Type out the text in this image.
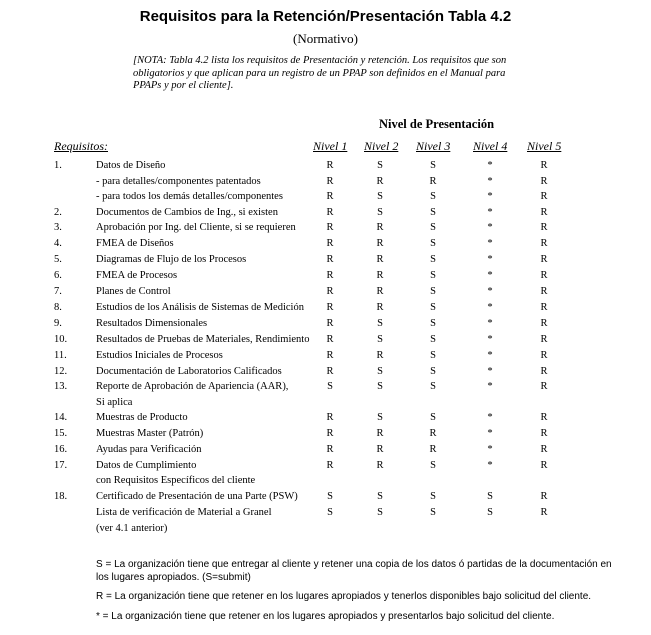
Requisitos para la Retención/Presentación Tabla 4.2
(Normativo)
[NOTA: Tabla 4.2 lista los requisitos de Presentación y retención. Los requisitos que son obligatorios y que aplican para un registro de un PPAP son definidos en el Manual para PPAPs y por el cliente].
Nivel de Presentación
Requisitos:	Nivel 1 Nivel 2 Nivel 3 Nivel 4 Nivel 5
1.	Datos de Diseño	R	S	S	*	R
- para detalles/componentes patentados	R	R	R	*	R
- para todos los demás detalles/componentes	R	S	S	*	R
2.	Documentos de Cambios de Ing., si existen	R	S	S	*	R
3.	Aprobación por Ing. del Cliente, si se requieren	R	R	S	*	R
4.	FMEA de Diseños	R	R	S	*	R
5.	Diagramas de Flujo de los Procesos	R	R	S	*	R
6.	FMEA de Procesos	R	R	S	*	R
7.	Planes de Control	R	R	S	*	R
8.	Estudios de los Análisis de Sistemas de Medición	R	R	S	*	R
9.	Resultados Dimensionales	R	S	S	*	R
10.	Resultados de Pruebas de Materiales, Rendimiento	R	S	S	*	R
11.	Estudios Iniciales de Procesos	R	R	S	*	R
12.	Documentación de Laboratorios Calificados	R	S	S	*	R
13.	Reporte de Aprobación de Apariencia (AAR),	S	S	S	*	R
Si aplica
14.	Muestras de Producto	R	S	S	*	R
15.	Muestras Master (Patrón)	R	R	R	*	R
16.	Ayudas para Verificación	R	R	R	*	R
17.	Datos de Cumplimiento	R	R	S	*	R
con Requisitos Específicos del cliente
18.	Certificado de Presentación de una Parte (PSW)	S	S	S	S	R
Lista de verificación de Material a Granel	S	S	S	S	R
(ver 4.1 anterior)
S = La organización tiene que entregar al cliente y retener una copia de los datos ó partidas de la documentación en los lugares apropiados. (S=submit)
R = La organización tiene que retener en los lugares apropiados y tenerlos disponibles bajo solicitud del cliente.
* = La organización tiene que retener en los lugares apropiados y presentarlos bajo solicitud del cliente.
